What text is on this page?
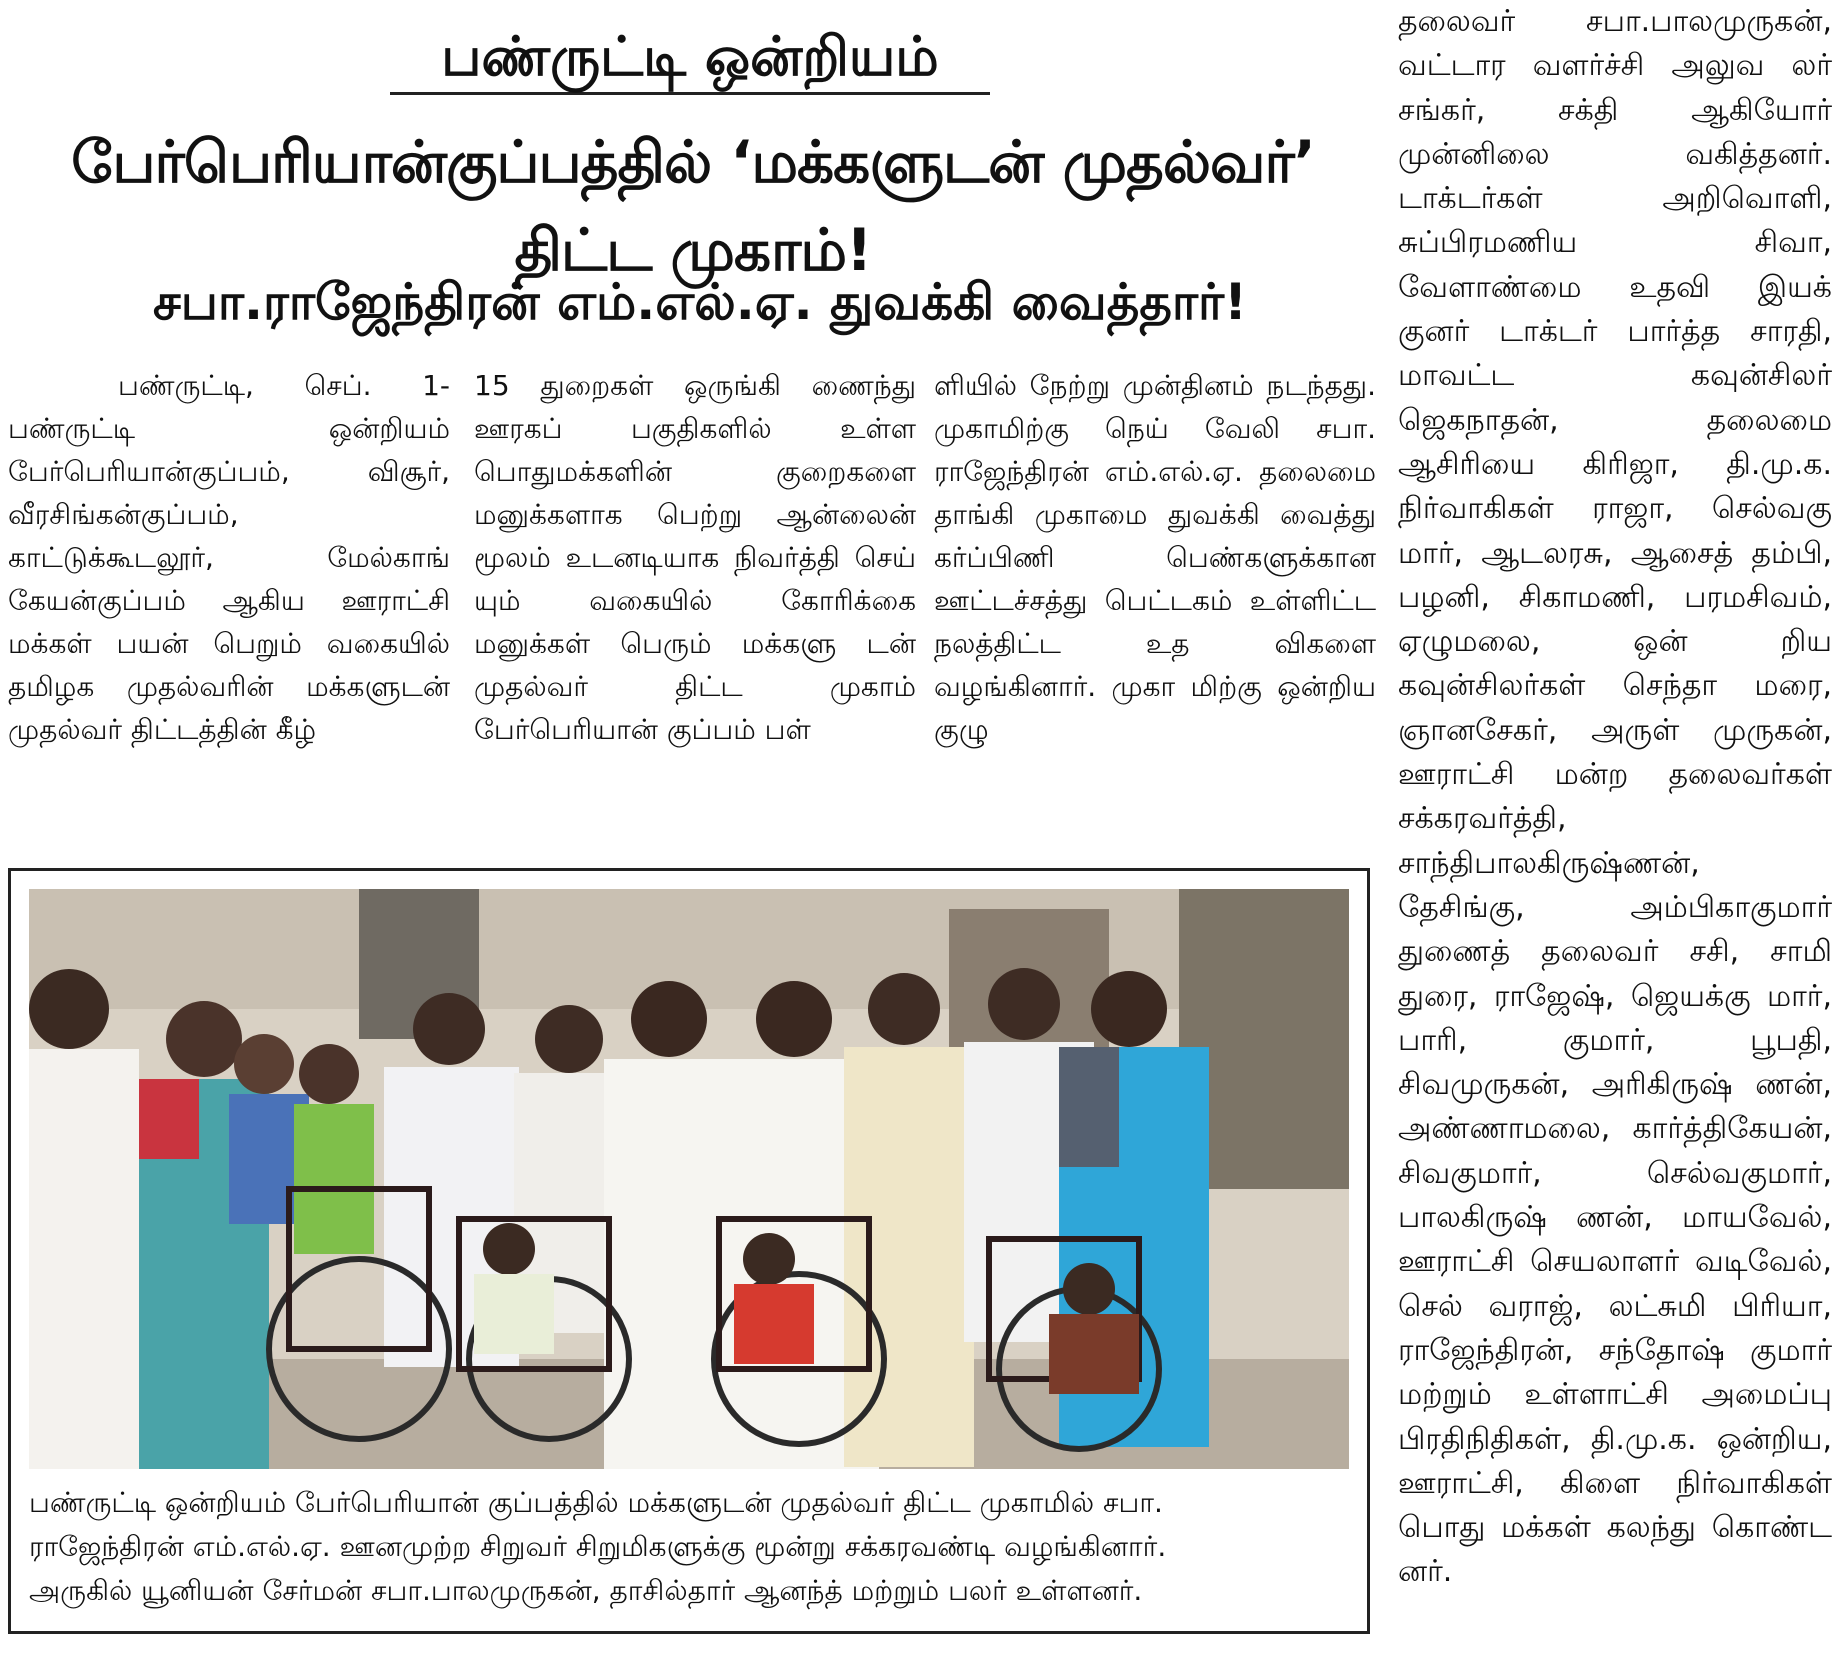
பண்ருட்டி ஒன்றியம்
பேர்பெரியான்குப்பத்தில் ‘மக்களுடன் முதல்வர்’ திட்ட முகாம்!
சபா.ராஜேந்திரன் எம்.எல்.ஏ. துவக்கி வைத்தார்!

பண்ருட்டி, செப். 1- பண்ருட்டி ஒன்றியம் பேர்பெரியான்குப்பம், விசூர், வீரசிங்கன்குப்பம், காட்டுக்கூடலூர், மேல்காங் கேயன்குப்பம் ஆகிய ஊராட்சி மக்கள் பயன் பெறும் வகையில் தமிழக முதல்வரின் மக்களுடன் முதல்வர் திட்டத்தின் கீழ்

15 துறைகள் ஒருங்கி ணைந்து ஊரகப் பகுதிகளில் உள்ள பொதுமக்களின் குறைகளை மனுக்களாக பெற்று ஆன்லைன் மூலம் உடனடியாக நிவர்த்தி செய் யும் வகையில் கோரிக்கை மனுக்கள் பெரும் மக்களு டன் முதல்வர் திட்ட முகாம் பேர்பெரியான் குப்பம் பள்

ளியில் நேற்று முன்தினம் நடந்தது. முகாமிற்கு நெய் வேலி சபா. ராஜேந்திரன் எம்.எல்.ஏ. தலைமை தாங்கி முகாமை துவக்கி வைத்து கர்ப்பிணி பெண்களுக்கான ஊட்டச்சத்து பெட்டகம் உள்ளிட்ட நலத்திட்ட உத விகளை வழங்கினார். முகா மிற்கு ஒன்றிய குழு

தலைவர் சபா.பாலமுருகன், வட்டார வளர்ச்சி அலுவ லர் சங்கர், சக்தி ஆகியோர் முன்னிலை வகித்தனர். டாக்டர்கள் அறிவொளி, சுப்பிரமணிய சிவா, வேளாண்மை உதவி இயக் குனர் டாக்டர் பார்த்த சாரதி, மாவட்ட கவுன்சிலர் ஜெகநாதன், தலைமை ஆசிரியை கிரிஜா, தி.மு.க. நிர்வாகிகள் ராஜா, செல்வகு மார், ஆடலரசு, ஆசைத் தம்பி, பழனி, சிகாமணி, பரமசிவம், ஏழுமலை, ஒன் றிய கவுன்சிலர்கள் செந்தா மரை, ஞானசேகர், அருள் முருகன், ஊராட்சி மன்ற தலைவர்கள் சக்கரவர்த்தி, சாந்திபாலகிருஷ்ணன், தேசிங்கு, அம்பிகாகுமார் துணைத் தலைவர் சசி, சாமி துரை, ராஜேஷ், ஜெயக்கு மார், பாரி, குமார், பூபதி, சிவமுருகன், அரிகிருஷ் ணன், அண்ணாமலை, கார்த்திகேயன், சிவகுமார், செல்வகுமார், பாலகிருஷ் ணன், மாயவேல், ஊராட்சி செயலாளர் வடிவேல், செல் வராஜ், லட்சுமி பிரியா, ராஜேந்திரன், சந்தோஷ் குமார் மற்றும் உள்ளாட்சி அமைப்பு பிரதிநிதிகள், தி.மு.க. ஒன்றிய, ஊராட்சி, கிளை நிர்வாகிகள் பொது மக்கள் கலந்து கொண்ட னர்.

பண்ருட்டி ஒன்றியம் பேர்பெரியான் குப்பத்தில் மக்களுடன் முதல்வர் திட்ட முகாமில் சபா.

ராஜேந்திரன் எம்.எல்.ஏ. ஊனமுற்ற சிறுவர் சிறுமிகளுக்கு மூன்று சக்கரவண்டி வழங்கினார்.

அருகில் யூனியன் சேர்மன் சபா.பாலமுருகன், தாசில்தார் ஆனந்த் மற்றும் பலர் உள்ளனர்.
